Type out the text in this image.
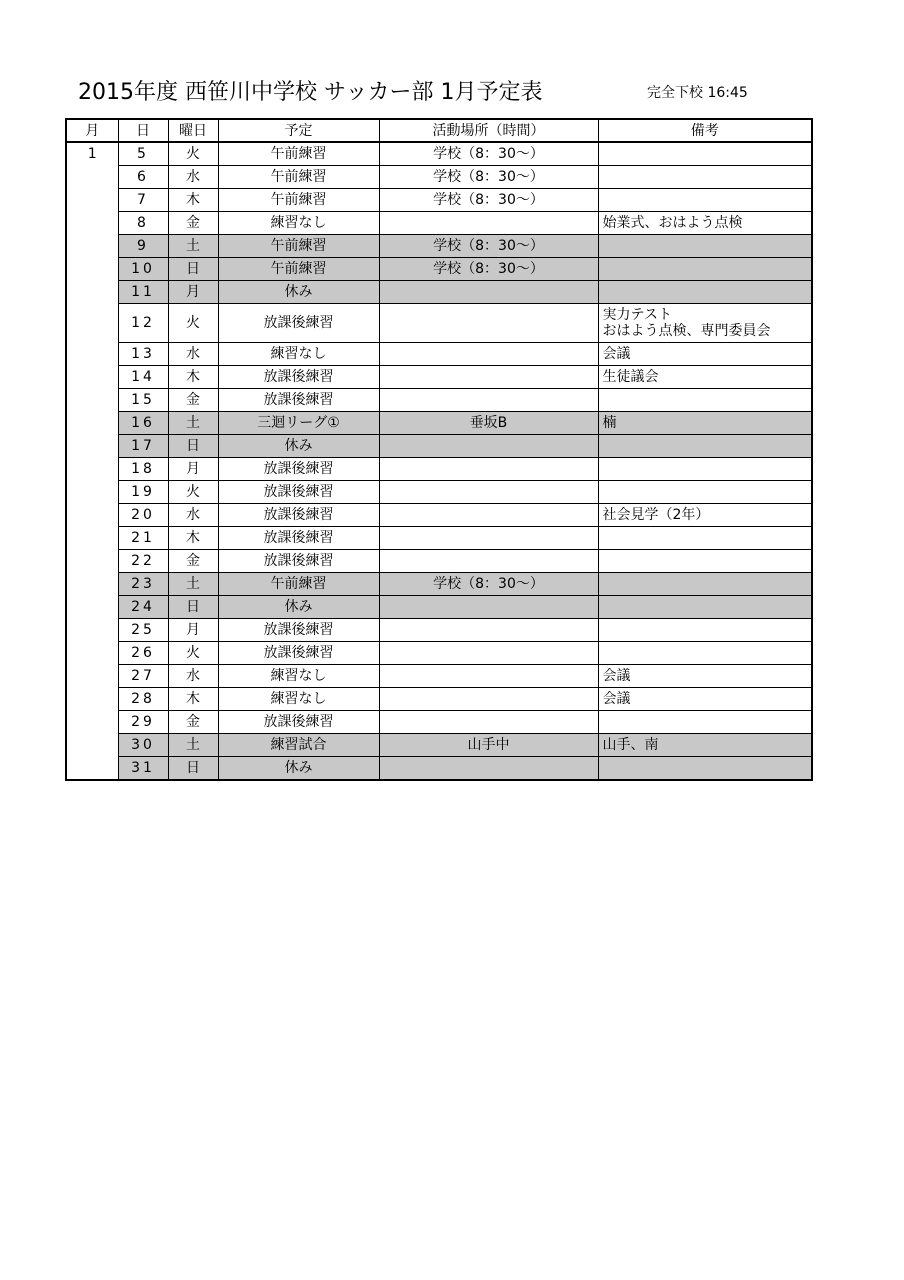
2015年度 西笹川中学校 サッカー部 1月予定表	完全下校 16:45
月	日	曜日	予定	活動場所（時間）	備考
1	5	火	午前練習	学校（8：30〜）	
	6	水	午前練習	学校（8：30〜）	
	7	木	午前練習	学校（8：30〜）	
	8	金	練習なし		始業式、おはよう点検

	9	土	午前練習	学校（8：30〜）	
	10	日	午前練習	学校（8：30〜）	
	11	月	休み		
	12	火	放課後練習		実力テスト
おはよう点検、専門委員会

	13	水	練習なし		会議

	14	木	放課後練習		生徒議会

	15	金	放課後練習		
	16	土	三迴リーグ①	垂坂B	楠

	17	日	休み		
	18	月	放課後練習		
	19	火	放課後練習		
	20	水	放課後練習		社会見学（2年）

	21	木	放課後練習		
	22	金	放課後練習		
	23	土	午前練習	学校（8：30〜）	
	24	日	休み		
	25	月	放課後練習		
	26	火	放課後練習		
	27	水	練習なし		会議

	28	木	練習なし		会議

	29	金	放課後練習		
	30	土	練習試合	山手中	山手、南

	31	日	休み		
